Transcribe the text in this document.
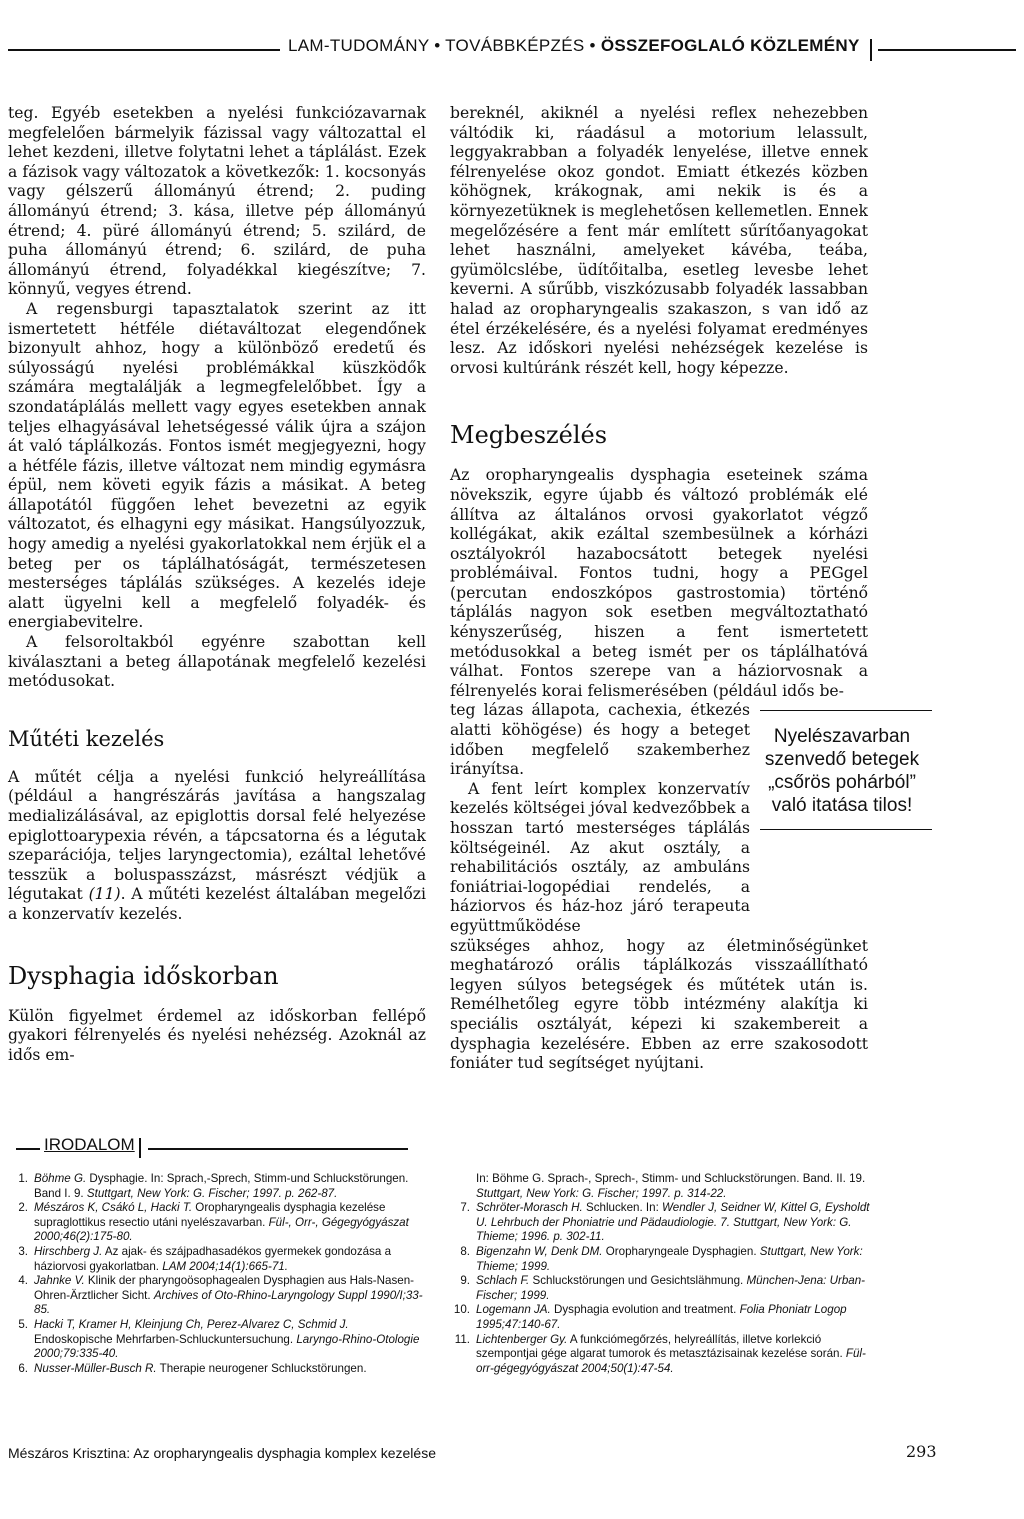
LAM-TUDOMÁNY • TOVÁBBKÉPZÉS • ÖSSZEFOGLALÓ KÖZLEMÉNY

teg. Egyéb esetekben a nyelési funkciózavarnak megfelelően bármelyik fázissal vagy változattal el lehet kezdeni, illetve folytatni lehet a táplálást. Ezek a fázisok vagy változatok a következők: 1. kocsonyás vagy gélszerű állományú étrend; 2. puding állományú étrend; 3. kása, illetve pép állományú étrend; 4. püré állományú étrend; 5. szilárd, de puha állományú étrend; 6. szilárd, de puha állományú étrend, folyadékkal kiegészítve; 7. könnyű, vegyes étrend.

A regensburgi tapasztalatok szerint az itt ismertetett hétféle diétaváltozat elegendőnek bizonyult ahhoz, hogy a különböző eredetű és súlyosságú nyelési problémákkal küszködők számára megtalálják a legmegfelelőbbet. Így a szondatáplálás mellett vagy egyes esetekben annak teljes elhagyásával lehetségessé válik újra a szájon át való táplálkozás. Fontos ismét megjegyezni, hogy a hétféle fázis, illetve változat nem mindig egymásra épül, nem követi egyik fázis a másikat. A beteg állapotától függően lehet bevezetni az egyik változatot, és elhagyni egy másikat. Hangsúlyozzuk, hogy amedig a nyelési gyakorlatokkal nem érjük el a beteg per os táplálhatóságát, természetesen mesterséges táplálás szükséges. A kezelés ideje alatt ügyelni kell a megfelelő folyadék- és energiabevitelre.

A felsoroltakból egyénre szabottan kell kiválasztani a beteg állapotának megfelelő kezelési metódusokat.

Műtéti kezelés

A műtét célja a nyelési funkció helyreállítása (például a hangrészárás javítása a hangszalag medializálásával, az epiglottis dorsal felé helyezése epiglottoarypexia révén, a tápcsatorna és a légutak szeparációja, teljes laryngectomia), ezáltal lehetővé tesszük a boluspasszázst, másrészt védjük a légutakat (11). A műtéti kezelést általában megelőzi a konzervatív kezelés.

Dysphagia időskorban

Külön figyelmet érdemel az időskorban fellépő gyakori félrenyelés és nyelési nehézség. Azoknál az idős em-

bereknél, akiknél a nyelési reflex nehezebben váltódik ki, ráadásul a motorium lelassult, leggyakrabban a folyadék lenyelése, illetve ennek félrenyelése okoz gondot. Emiatt étkezés közben köhögnek, krákognak, ami nekik is és a környezetüknek is meglehetősen kellemetlen. Ennek megelőzésére a fent már említett sűrítőanyagokat lehet használni, amelyeket kávéba, teába, gyümölcslébe, üdítőitalba, esetleg levesbe lehet keverni. A sűrűbb, viszkózusabb folyadék lassabban halad az oropharyngealis szakaszon, s van idő az étel érzékelésére, és a nyelési folyamat eredményes lesz. Az időskori nyelési nehézségek kezelése is orvosi kultúránk részét kell, hogy képezze.

Megbeszélés

Az oropharyngealis dysphagia eseteinek száma növekszik, egyre újabb és változó problémák elé állítva az általános orvosi gyakorlatot végző kollégákat, akik ezáltal szembesülnek a kórházi osztályokról hazabocsátott betegek nyelési problémáival. Fontos tudni, hogy a PEGgel (percutan endoszkópos gastrostomia) történő táplálás nagyon sok esetben megváltoztatható kényszerűség, hiszen a fent ismertetett metódusokkal a beteg ismét per os táplálhatóvá válhat. Fontos szerepe van a háziorvosnak a félrenyelés korai felismerésében (például idős be-

teg lázas állapota, cachexia, étkezés alatti köhögése) és hogy a beteget időben megfelelő szakemberhez irányítsa.

A fent leírt komplex konzervatív kezelés költségei jóval kedvezőbbek a hosszan tartó mesterséges táplálás költségeinél. Az akut osztály, a rehabilitációs osztály, az ambuláns foniátriai-logopédiai rendelés, a háziorvos és ház-hoz járó terapeuta együttműködése

szükséges ahhoz, hogy az életminőségünket meghatározó orális táplálkozás visszaállítható legyen súlyos betegségek és műtétek után is. Remélhetőleg egyre több intézmény alakítja ki speciális osztályát, képezi ki szakembereit a dysphagia kezelésére. Ebben az erre szakosodott foniáter tud segítséget nyújtani.

Nyelészavarban szenvedő betegek „csőrös pohárból” való itatása tilos!
IRODALOM
1. Böhme G. Dysphagie. In: Sprach,-Sprech, Stimm-und Schluckstörungen. Band I. 9. Stuttgart, New York: G. Fischer; 1997. p. 262-87.
2. Mészáros K, Csákó L, Hacki T. Oropharyngealis dysphagia kezelése supraglottikus resectio utáni nyelészavarban. Fül-, Orr-, Gégegyógyászat 2000;46(2):175-80.
3. Hirschberg J. Az ajak- és szájpadhasadékos gyermekek gondozása a háziorvosi gyakorlatban. LAM 2004;14(1):665-71.
4. Jahnke V. Klinik der pharyngoösophagealen Dysphagien aus Hals-Nasen-Ohren-Ärztlicher Sicht. Archives of Oto-Rhino-Laryngology Suppl 1990/I;33-85.
5. Hacki T, Kramer H, Kleinjung Ch, Perez-Alvarez C, Schmid J. Endoskopische Mehrfarben-Schluckuntersuchung. Laryngo-Rhino-Otologie 2000;79:335-40.
6. Nusser-Müller-Busch R. Therapie neurogener Schluckstörungen.
In: Böhme G. Sprach-, Sprech-, Stimm- und Schluckstörungen. Band. II. 19. Stuttgart, New York: G. Fischer; 1997. p. 314-22.
7. Schröter-Morasch H. Schlucken. In: Wendler J, Seidner W, Kittel G, Eysholdt U. Lehrbuch der Phoniatrie und Pädaudiologie. 7. Stuttgart, New York: G. Thieme; 1996. p. 302-11.
8. Bigenzahn W, Denk DM. Oropharyngeale Dysphagien. Stuttgart, New York: Thieme; 1999.
9. Schlach F. Schluckstörungen und Gesichtslähmung. München-Jena: Urban-Fischer; 1999.
10. Logemann JA. Dysphagia evolution and treatment. Folia Phoniatr Logop 1995;47:140-67.
11. Lichtenberger Gy. A funkciómegőrzés, helyreállítás, illetve korlekció szempontjai gége algarat tumorok és metasztázisainak kezelése során. Fül-orr-gégegyógyászat 2004;50(1):47-54.
Mészáros Krisztina: Az oropharyngealis dysphagia komplex kezelése	293
